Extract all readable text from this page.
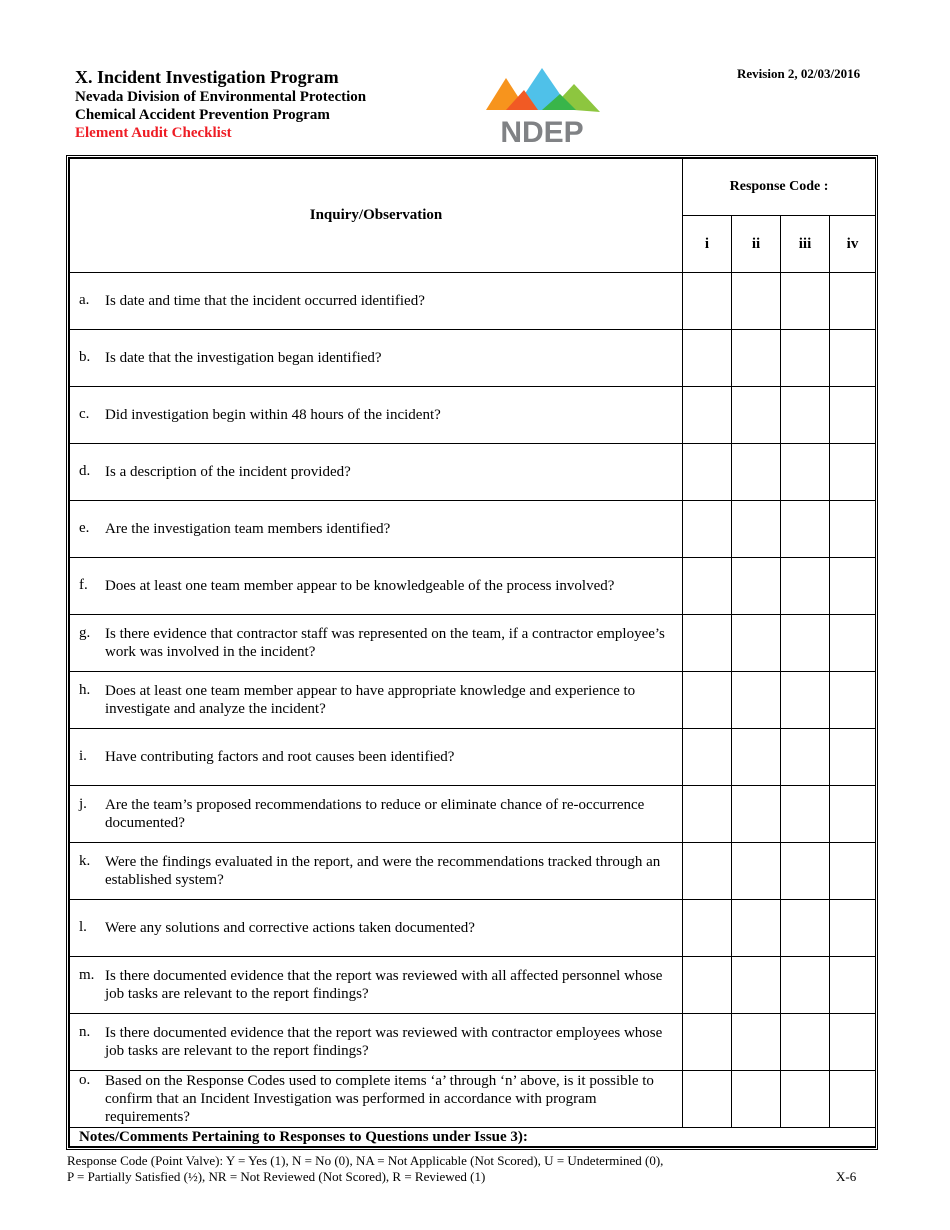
X. Incident Investigation Program
Nevada Division of Environmental Protection
Chemical Accident Prevention Program
Element Audit Checklist	NDEP
Revision 2, 02/03/2016
Inquiry/Observation	Response Code :			
	i	ii	iii	iv

a. Is date and time that the incident occurred identified?				

b. Is date that the investigation began identified?				

c. Did investigation begin within 48 hours of the incident?				

d. Is a description of the incident provided?				

e. Are the investigation team members identified?				

f. Does at least one team member appear to be knowledgeable of the process involved?				

g. Is there evidence that contractor staff was represented on the team, if a contractor employee’s work was involved in the incident?				

h. Does at least one team member appear to have appropriate knowledge and experience to investigate and analyze the incident?				

i. Have contributing factors and root causes been identified?				

j. Are the team’s proposed recommendations to reduce or eliminate chance of re-occurrence documented?				

k. Were the findings evaluated in the report, and were the recommendations tracked through an established system?				

l. Were any solutions and corrective actions taken documented?				

m. Is there documented evidence that the report was reviewed with all affected personnel whose job tasks are relevant to the report findings?				

n. Is there documented evidence that the report was reviewed with contractor employees whose job tasks are relevant to the report findings?				

o. Based on the Response Codes used to complete items ‘a’ through ‘n’ above, is it possible to confirm that an Incident Investigation was performed in accordance with program requirements?				

Notes/Comments Pertaining to Responses to Questions under Issue 3):				
Response Code (Point Valve): Y = Yes (1), N = No (0), NA = Not Applicable (Not Scored), U = Undetermined (0),
P = Partially Satisfied (½), NR = Not Reviewed (Not Scored), R = Reviewed (1)	X-6
